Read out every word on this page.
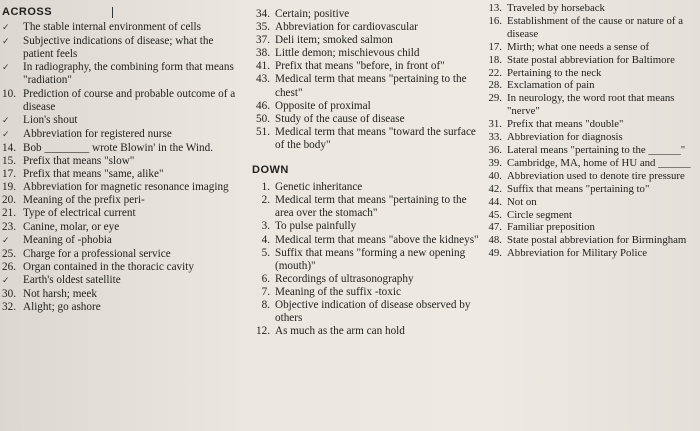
ACROSS
✓	The stable internal environment of cells
✓	Subjective indications of disease; what the patient feels
✓	In radiography, the combining form that means "radiation"
10. Prediction of course and probable outcome of a disease
✓	Lion's shout
✓	Abbreviation for registered nurse
14. Bob ________ wrote Blowin' in the Wind.
15. Prefix that means "slow"
17. Prefix that means "same, alike"
19. Abbreviation for magnetic resonance imaging
20. Meaning of the prefix peri-
21. Type of electrical current
23. Canine, molar, or eye
✓	Meaning of -phobia
25. Charge for a professional service
26. Organ contained in the thoracic cavity
✓	Earth's oldest satellite
30. Not harsh; meek
32. Alight; go ashore
34. Certain; positive
35. Abbreviation for cardiovascular
37. Deli item; smoked salmon
38. Little demon; mischievous child
41. Prefix that means "before, in front of"
43. Medical term that means "pertaining to the chest"
46. Opposite of proximal
50. Study of the cause of disease
51. Medical term that means "toward the surface of the body"
DOWN
1. Genetic inheritance
2. Medical term that means "pertaining to the area over the stomach"
3. To pulse painfully
4. Medical term that means "above the kidneys"
5. Suffix that means "forming a new opening (mouth)"
6. Recordings of ultrasonography
7. Meaning of the suffix -toxic
8. Objective indication of disease observed by others
12. As much as the arm can hold
13. Traveled by horseback
16. Establishment of the cause or nature of a disease
17. Mirth; what one needs a sense of
18. State postal abbreviation for Baltimore
22. Pertaining to the neck
28. Exclamation of pain
29. In neurology, the word root that means "nerve"
31. Prefix that means "double"
33. Abbreviation for diagnosis
36. Lateral means "pertaining to the ______"
39. Cambridge, MA, home of HU and ______
40. Abbreviation used to denote tire pressure
42. Suffix that means "pertaining to"
44. Not on
45. Circle segment
47. Familiar preposition
48. State postal abbreviation for Birmingham
49. Abbreviation for Military Police
